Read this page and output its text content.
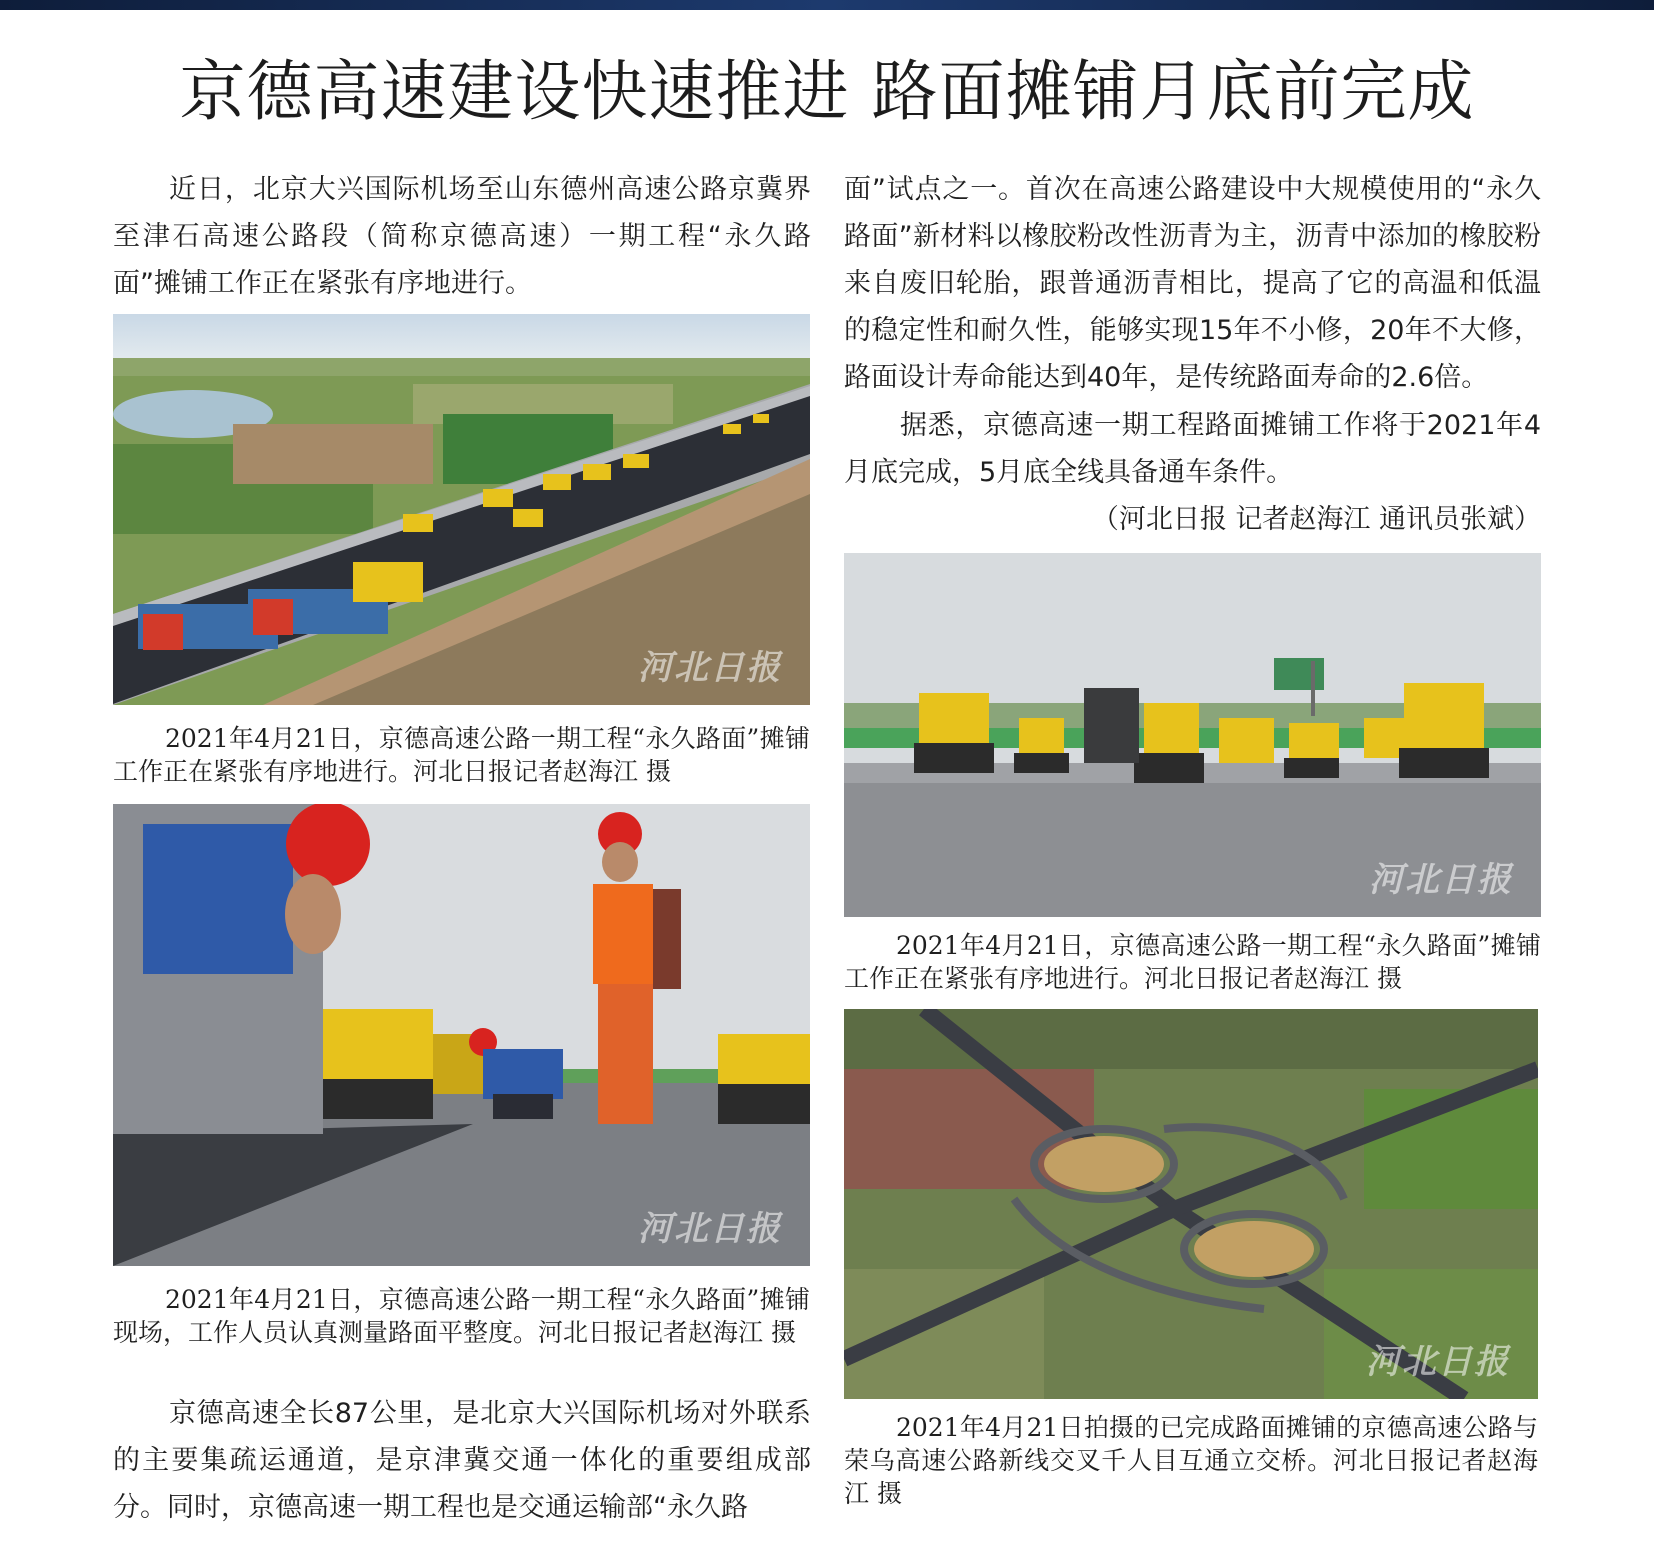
京德高速建设快速推进 路面摊铺月底前完成

近日，北京大兴国际机场至山东德州高速公路京冀界至津石高速公路段（简称京德高速）一期工程“永久路面”摊铺工作正在紧张有序地进行。

河北日报

2021年4月21日，京德高速公路一期工程“永久路面”摊铺工作正在紧张有序地进行。河北日报记者赵海江 摄

河北日报

2021年4月21日，京德高速公路一期工程“永久路面”摊铺现场，工作人员认真测量路面平整度。河北日报记者赵海江 摄

京德高速全长87公里，是北京大兴国际机场对外联系的主要集疏运通道，是京津冀交通一体化的重要组成部分。同时，京德高速一期工程也是交通运输部“永久路

面”试点之一。首次在高速公路建设中大规模使用的“永久路面”新材料以橡胶粉改性沥青为主，沥青中添加的橡胶粉来自废旧轮胎，跟普通沥青相比，提高了它的高温和低温的稳定性和耐久性，能够实现15年不小修，20年不大修，路面设计寿命能达到40年，是传统路面寿命的2.6倍。

据悉，京德高速一期工程路面摊铺工作将于2021年4月底完成，5月底全线具备通车条件。

（河北日报 记者赵海江 通讯员张斌）

河北日报

2021年4月21日，京德高速公路一期工程“永久路面”摊铺工作正在紧张有序地进行。河北日报记者赵海江 摄

河北日报

2021年4月21日拍摄的已完成路面摊铺的京德高速公路与荣乌高速公路新线交叉千人目互通立交桥。河北日报记者赵海江 摄
